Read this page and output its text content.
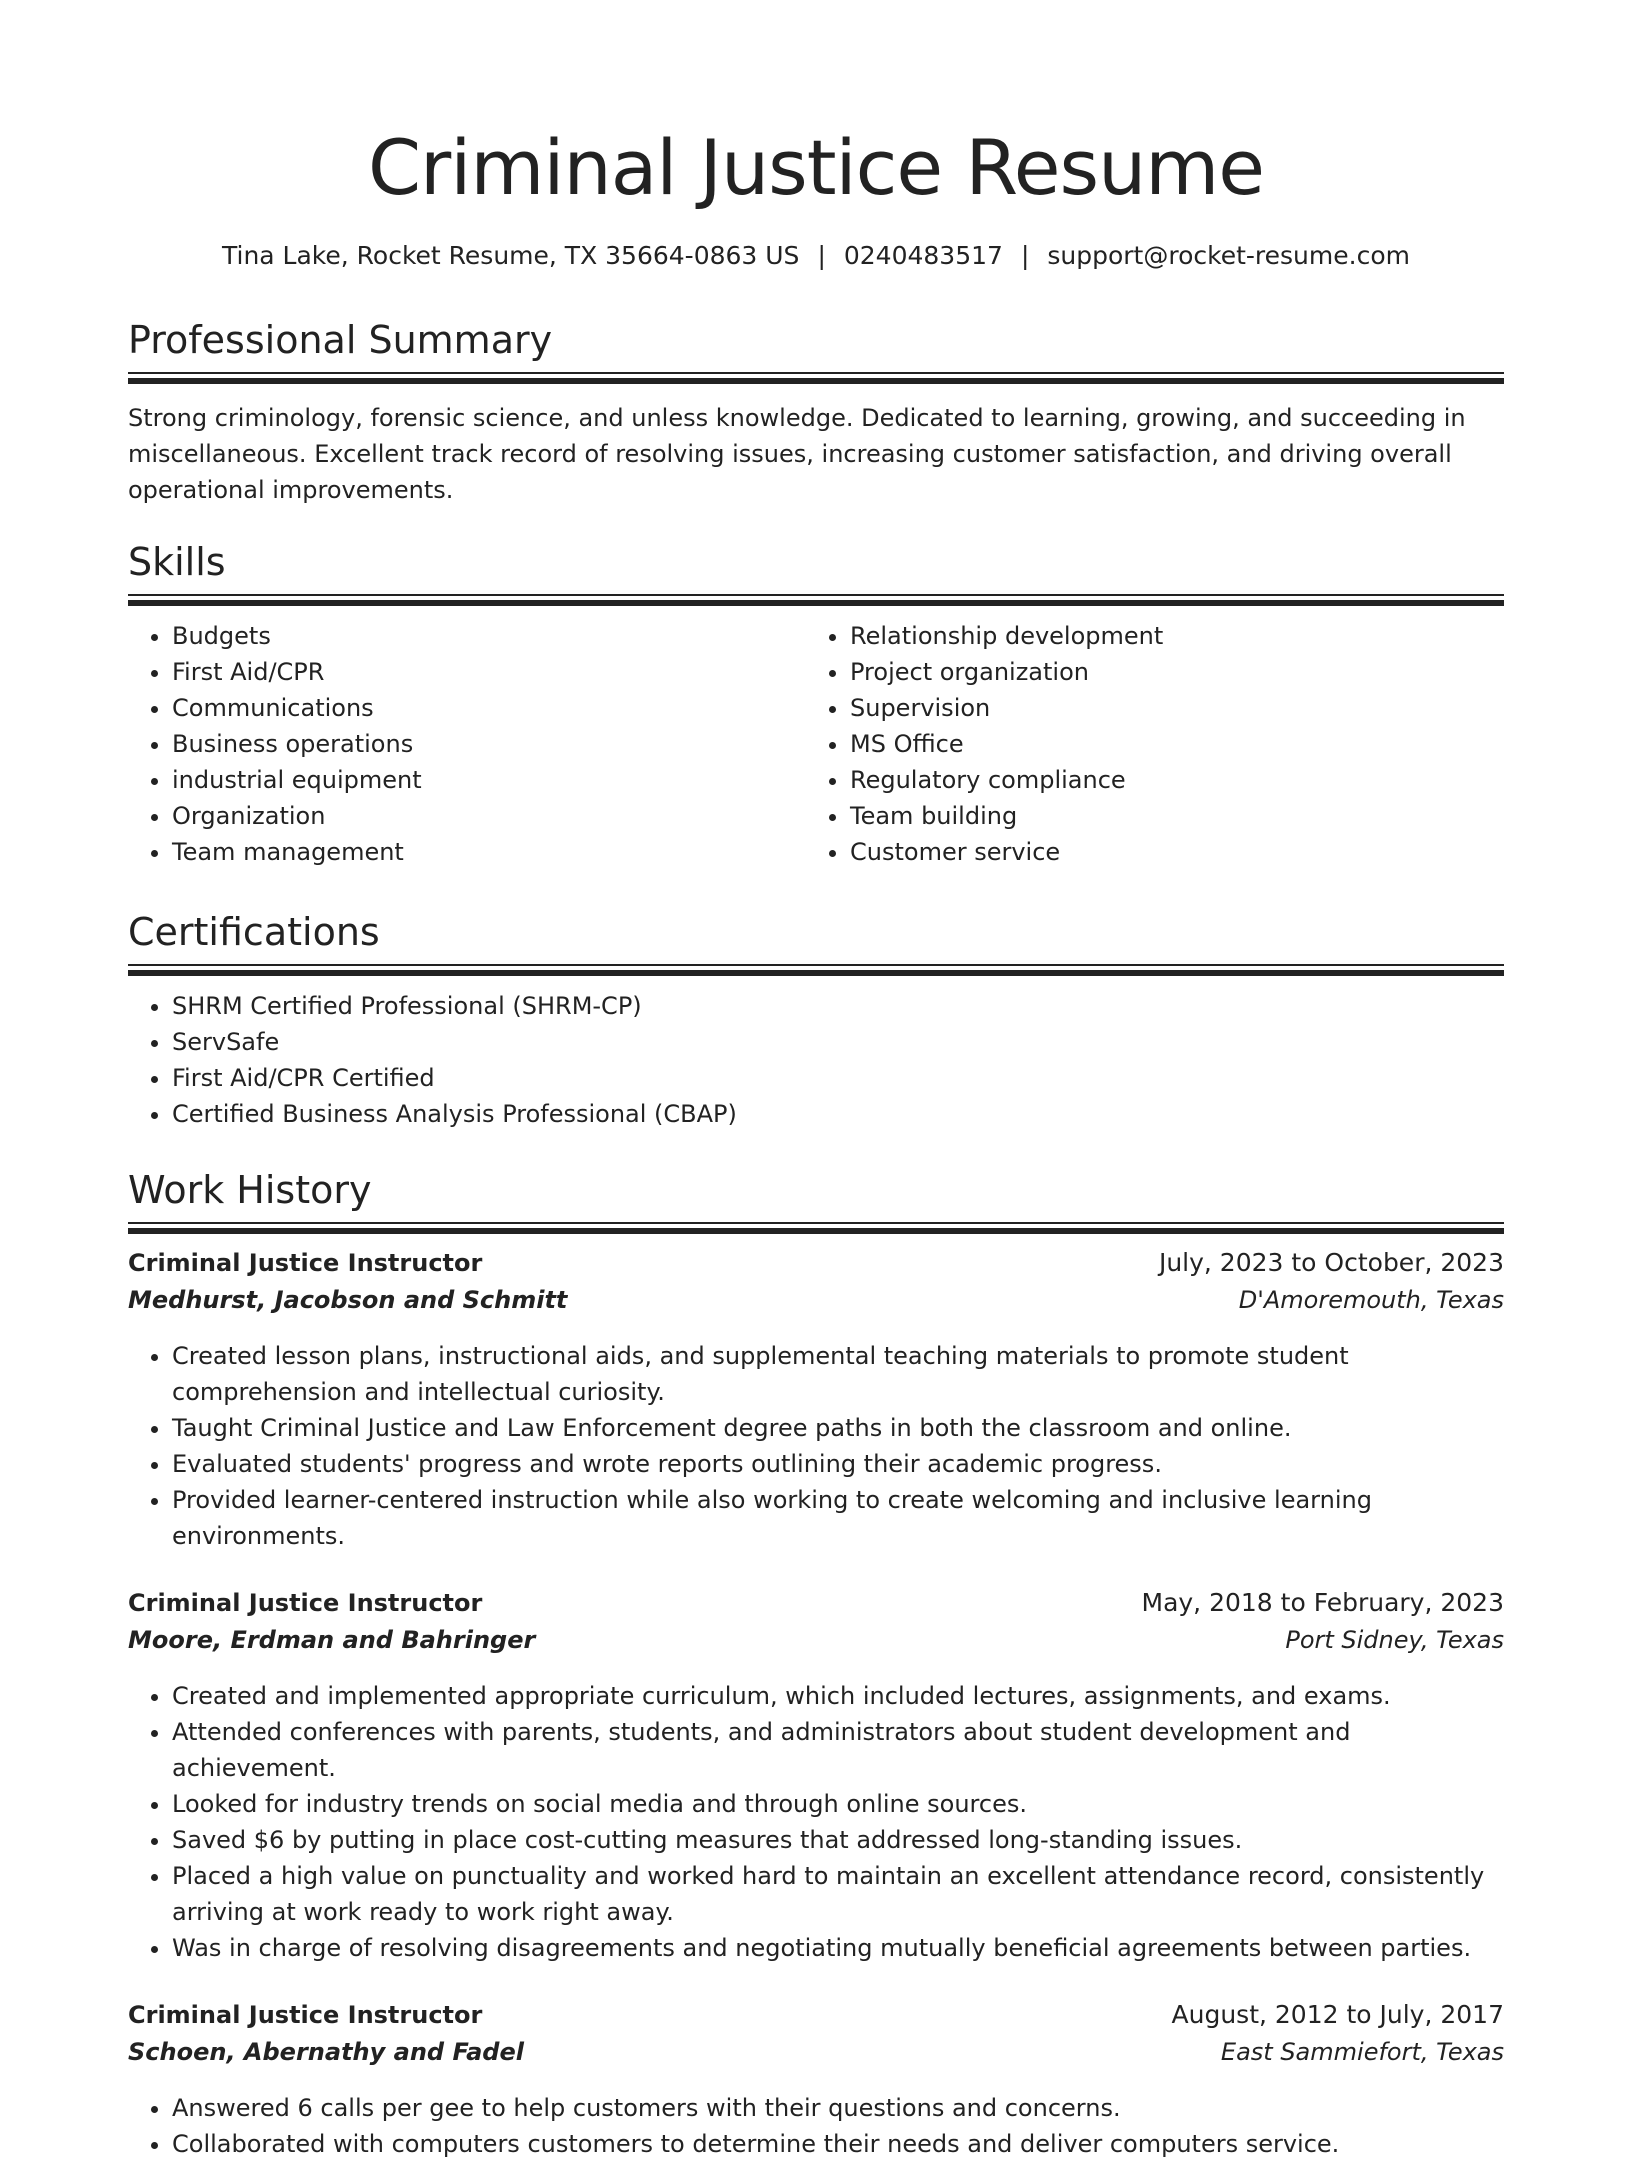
Criminal Justice Resume
Tina Lake, Rocket Resume, TX 35664-0863 US | 0240483517 | support@rocket-resume.com
Professional Summary

Strong criminology, forensic science, and unless knowledge. Dedicated to learning, growing, and succeeding in
miscellaneous. Excellent track record of resolving issues, increasing customer satisfaction, and driving overall
operational improvements.

Skills
• Budgets
• First Aid/CPR
• Communications
• Business operations
• industrial equipment
• Organization
• Team management
• Relationship development
• Project organization
• Supervision
• MS Office
• Regulatory compliance
• Team building
• Customer service
Certifications
• SHRM Certified Professional (SHRM-CP)
• ServSafe
• First Aid/CPR Certified
• Certified Business Analysis Professional (CBAP)
Work History
Criminal Justice Instructor	July, 2023 to October, 2023
Medhurst, Jacobson and Schmitt	D'Amoremouth, Texas
• Created lesson plans, instructional aids, and supplemental teaching materials to promote student comprehension and intellectual curiosity.
• Taught Criminal Justice and Law Enforcement degree paths in both the classroom and online.
• Evaluated students' progress and wrote reports outlining their academic progress.
• Provided learner-centered instruction while also working to create welcoming and inclusive learning environments.
Criminal Justice Instructor	May, 2018 to February, 2023
Moore, Erdman and Bahringer	Port Sidney, Texas
• Created and implemented appropriate curriculum, which included lectures, assignments, and exams.
• Attended conferences with parents, students, and administrators about student development and achievement.
• Looked for industry trends on social media and through online sources.
• Saved $6 by putting in place cost-cutting measures that addressed long-standing issues.
• Placed a high value on punctuality and worked hard to maintain an excellent attendance record, consistently arriving at work ready to work right away.
• Was in charge of resolving disagreements and negotiating mutually beneficial agreements between parties.
Criminal Justice Instructor	August, 2012 to July, 2017
Schoen, Abernathy and Fadel	East Sammiefort, Texas
• Answered 6 calls per gee to help customers with their questions and concerns.
• Collaborated with computers customers to determine their needs and deliver computers service.
